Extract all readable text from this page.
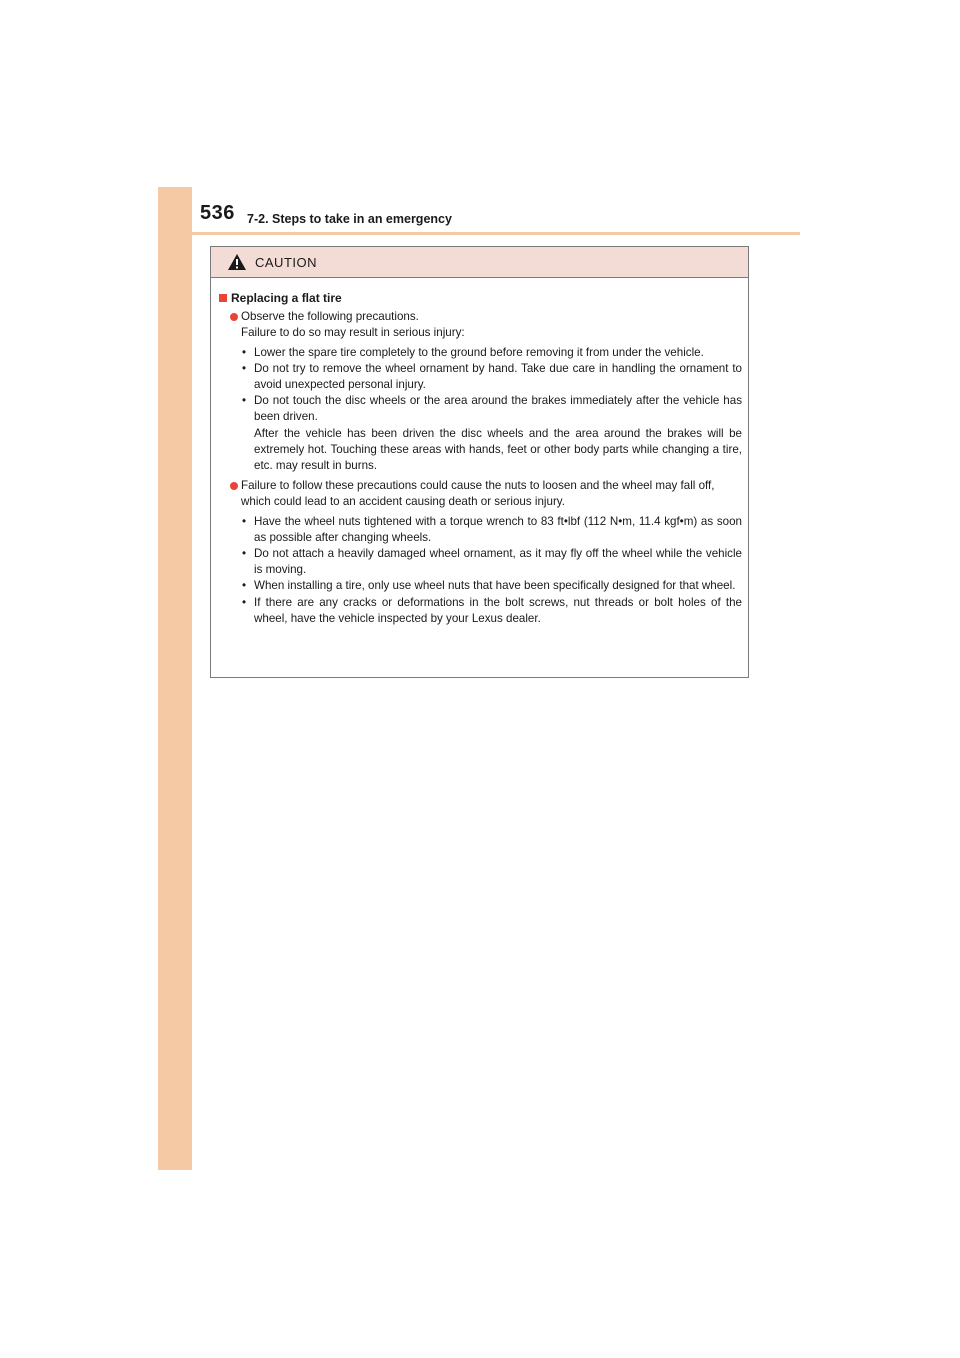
536 7-2. Steps to take in an emergency
CAUTION
Replacing a flat tire

Observe the following precautions.

Failure to do so may result in serious injury:

• Lower the spare tire completely to the ground before removing it from under the vehicle.

• Do not try to remove the wheel ornament by hand. Take due care in handling the ornament to avoid unexpected personal injury.

• Do not touch the disc wheels or the area around the brakes immediately after the vehicle has been driven.

After the vehicle has been driven the disc wheels and the area around the brakes will be extremely hot. Touching these areas with hands, feet or other body parts while changing a tire, etc. may result in burns.

Failure to follow these precautions could cause the nuts to loosen and the wheel may fall off, which could lead to an accident causing death or serious injury.

• Have the wheel nuts tightened with a torque wrench to 83 ft•lbf (112 N•m, 11.4 kgf•m) as soon as possible after changing wheels.

• Do not attach a heavily damaged wheel ornament, as it may fly off the wheel while the vehicle is moving.

• When installing a tire, only use wheel nuts that have been specifically designed for that wheel.

• If there are any cracks or deformations in the bolt screws, nut threads or bolt holes of the wheel, have the vehicle inspected by your Lexus dealer.
